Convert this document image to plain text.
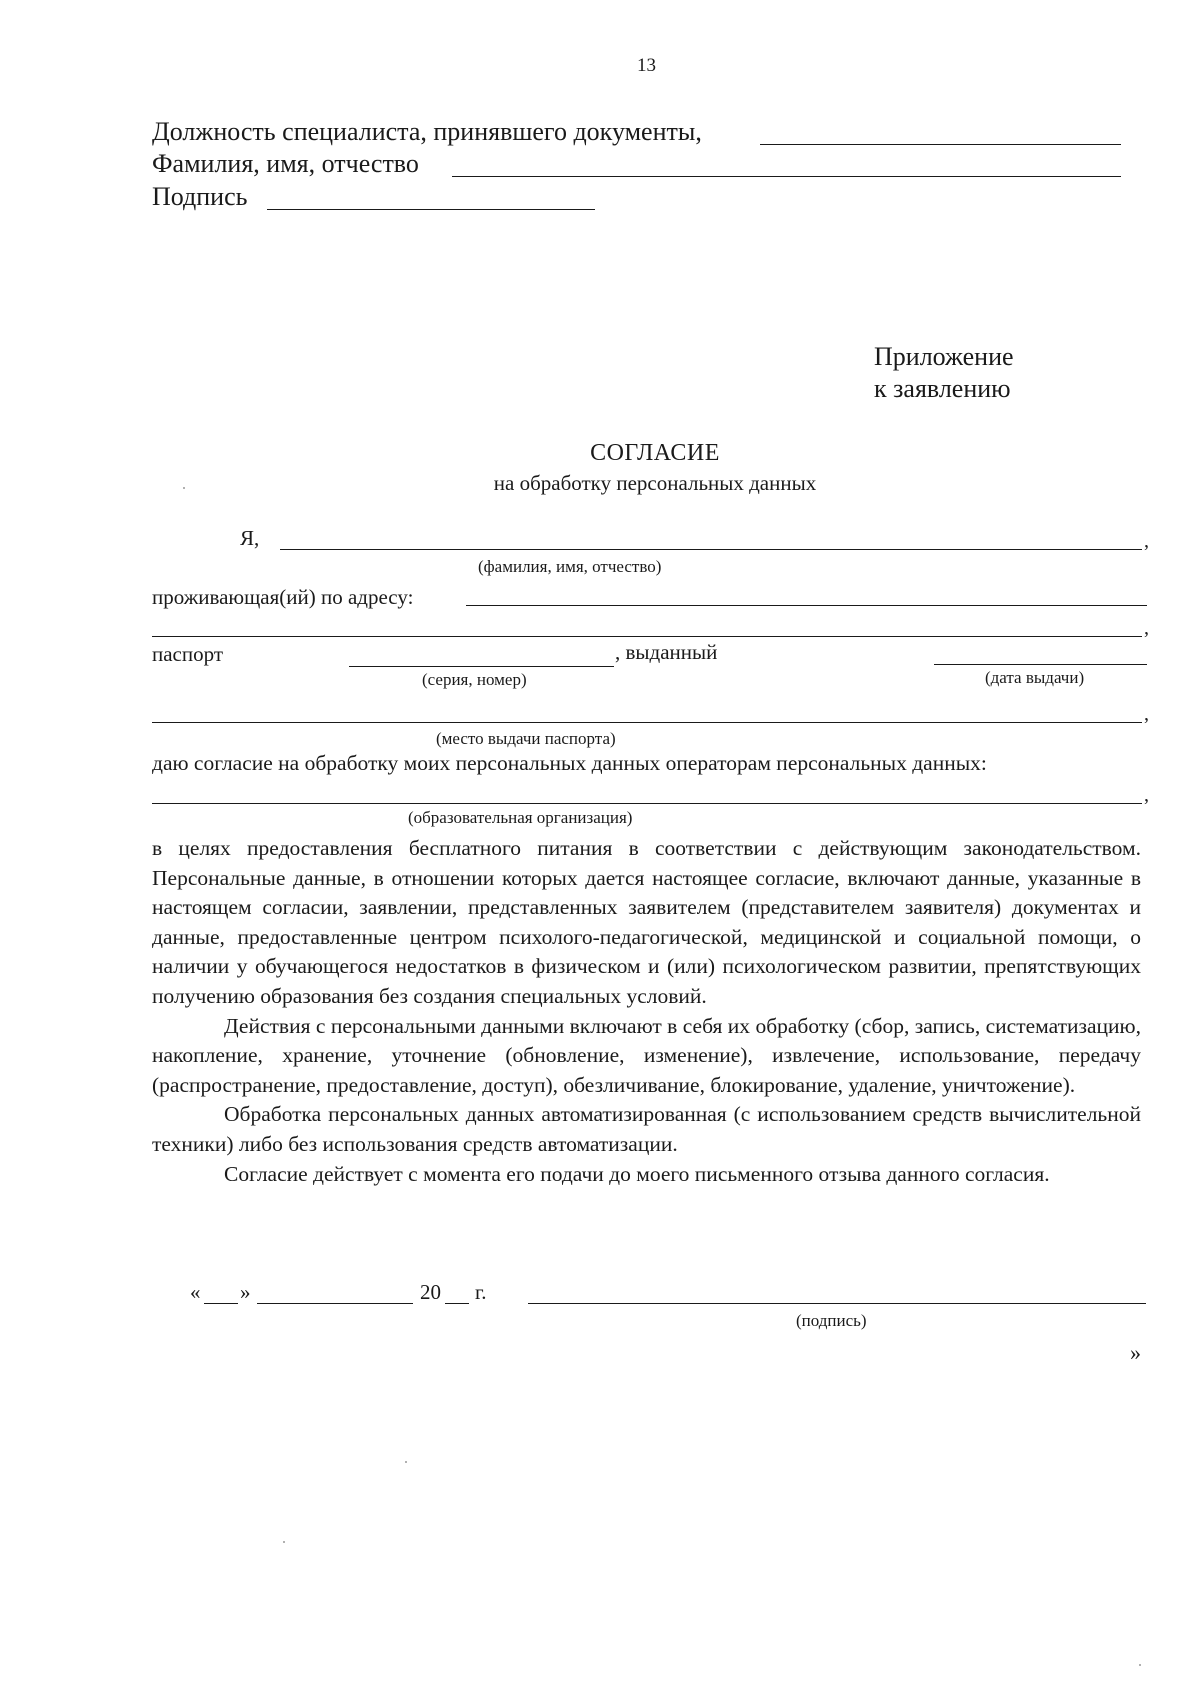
13
Должность специалиста, принявшего документы,
Фамилия, имя, отчество
Подпись
Приложение
к заявлению
СОГЛАСИЕ
на обработку персональных данных
Я,	,
(фамилия, имя, отчество)
проживающая(ий) по адресу:
,
паспорт	, выданный
(серия, номер)	(дата выдачи)
,
(место выдачи паспорта)
даю согласие на обработку моих персональных данных операторам персональных данных:
,
(образовательная организация)

в целях предоставления бесплатного питания в соответствии с действующим законодательством. Персональные данные, в отношении которых дается настоящее согласие, включают данные, указанные в настоящем согласии, заявлении, представленных заявителем (представителем заявителя) документах и данные, предоставленные центром психолого-педагогической, медицинской и социальной помощи, о наличии у обучающегося недостатков в физическом и (или) психологическом развитии, препятствующих получению образования без создания специальных условий.

Действия с персональными данными включают в себя их обработку (сбор, запись, систематизацию, накопление, хранение, уточнение (обновление, изменение), извлечение, использование, передачу (распространение, предоставление, доступ), обезличивание, блокирование, удаление, уничтожение).

Обработка персональных данных автоматизированная (с использованием средств вычислительной техники) либо без использования средств автоматизации.

Согласие действует с момента его подачи до моего письменного отзыва данного согласия.

« »	20 г.
(подпись)
»
